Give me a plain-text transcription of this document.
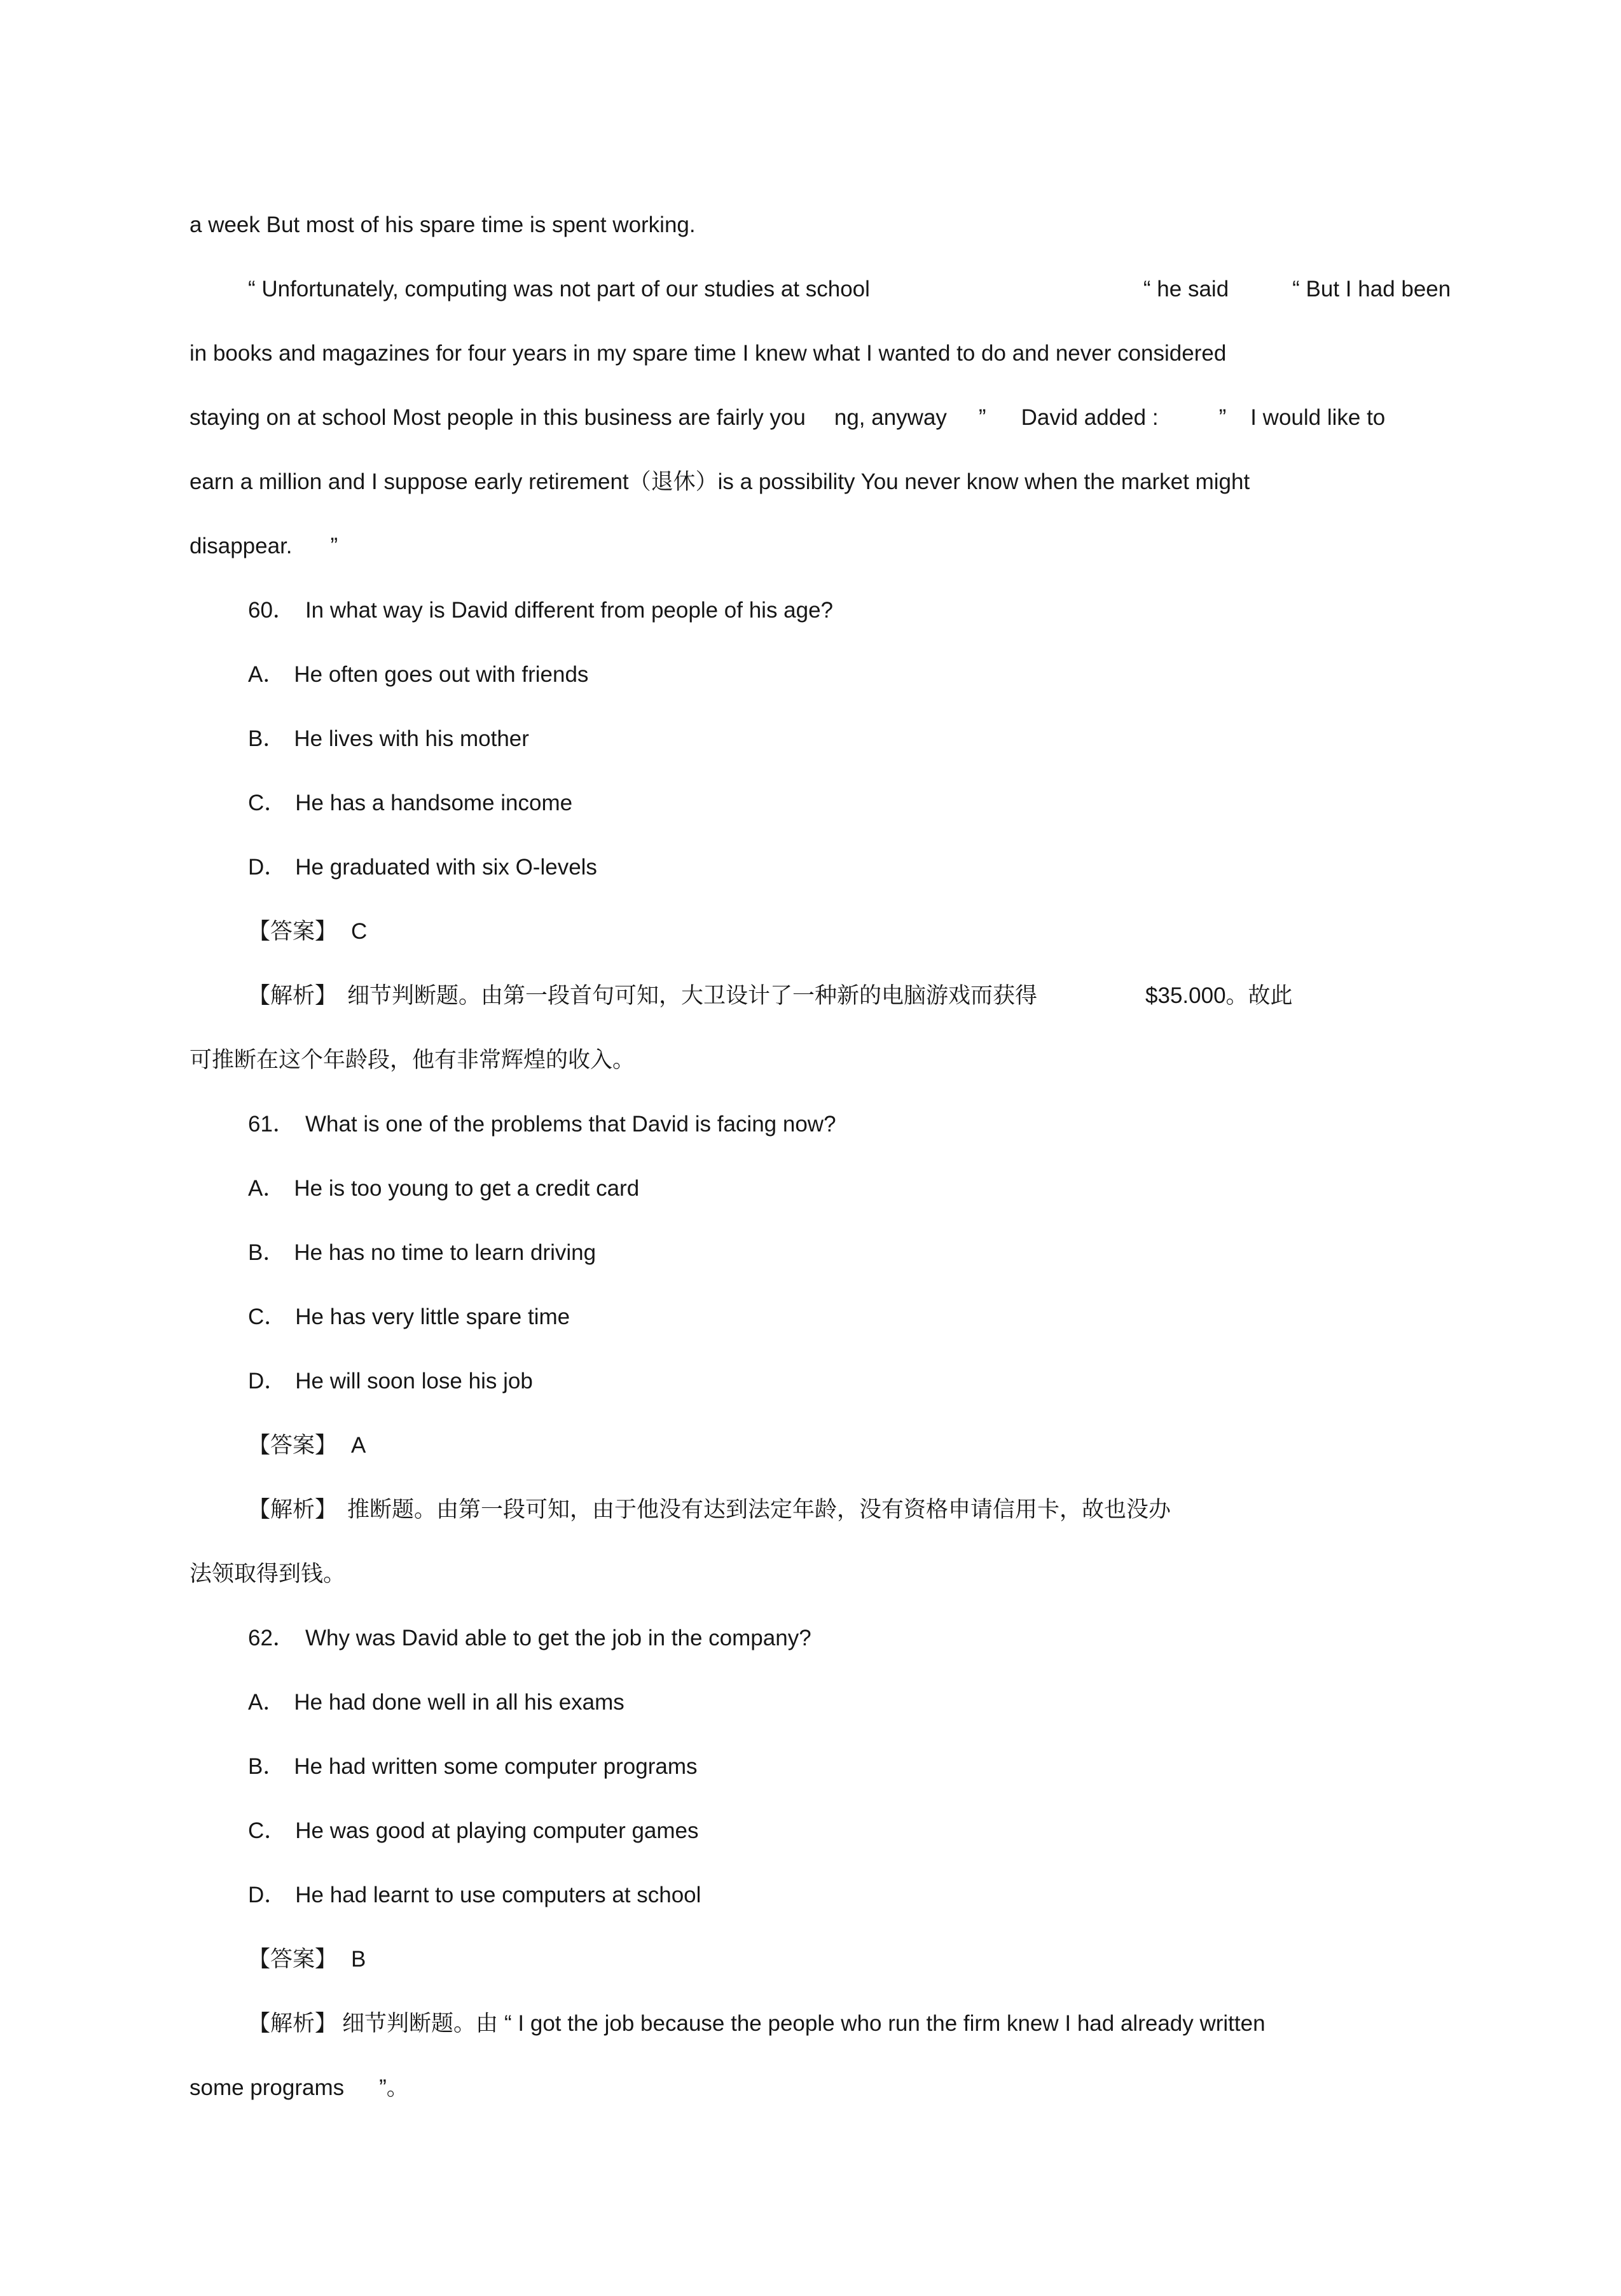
a week But most of his spare time is spent working.
“ Unfortunately, computing was not part of our studies at school	“ he said	“ But I had been
in books and magazines for four years in my spare time I knew what I wanted to do and never considered
staying on at school Most people in this business are fairly you ng, anyway ” David added :	” I would like to
earn a million and I suppose early retirement（退休）is a possibility You never know when the market might
disappear. ”
60． In what way is David different from people of his age?
A． He often goes out with friends
B． He lives with his mother
C． He has a handsome income
D． He graduated with six O-levels
【答案】 C
【解析】 细节判断题。由第一段首句可知，大卫设计了一种新的电脑游戏而获得	$35.000。故此
可推断在这个年龄段，他有非常辉煌的收入。
61． What is one of the problems that David is facing now?
A． He is too young to get a credit card
B． He has no time to learn driving
C． He has very little spare time
D． He will soon lose his job
【答案】 A
【解析】 推断题。由第一段可知，由于他没有达到法定年龄，没有资格申请信用卡，故也没办
法领取得到钱。
62． Why was David able to get the job in the company?
A． He had done well in all his exams
B． He had written some computer programs
C． He was good at playing computer games
D． He had learnt to use computers at school
【答案】 B
【解析】 细节判断题。由 “ I got the job because the people who run the firm knew I had already written
some programs ”。
